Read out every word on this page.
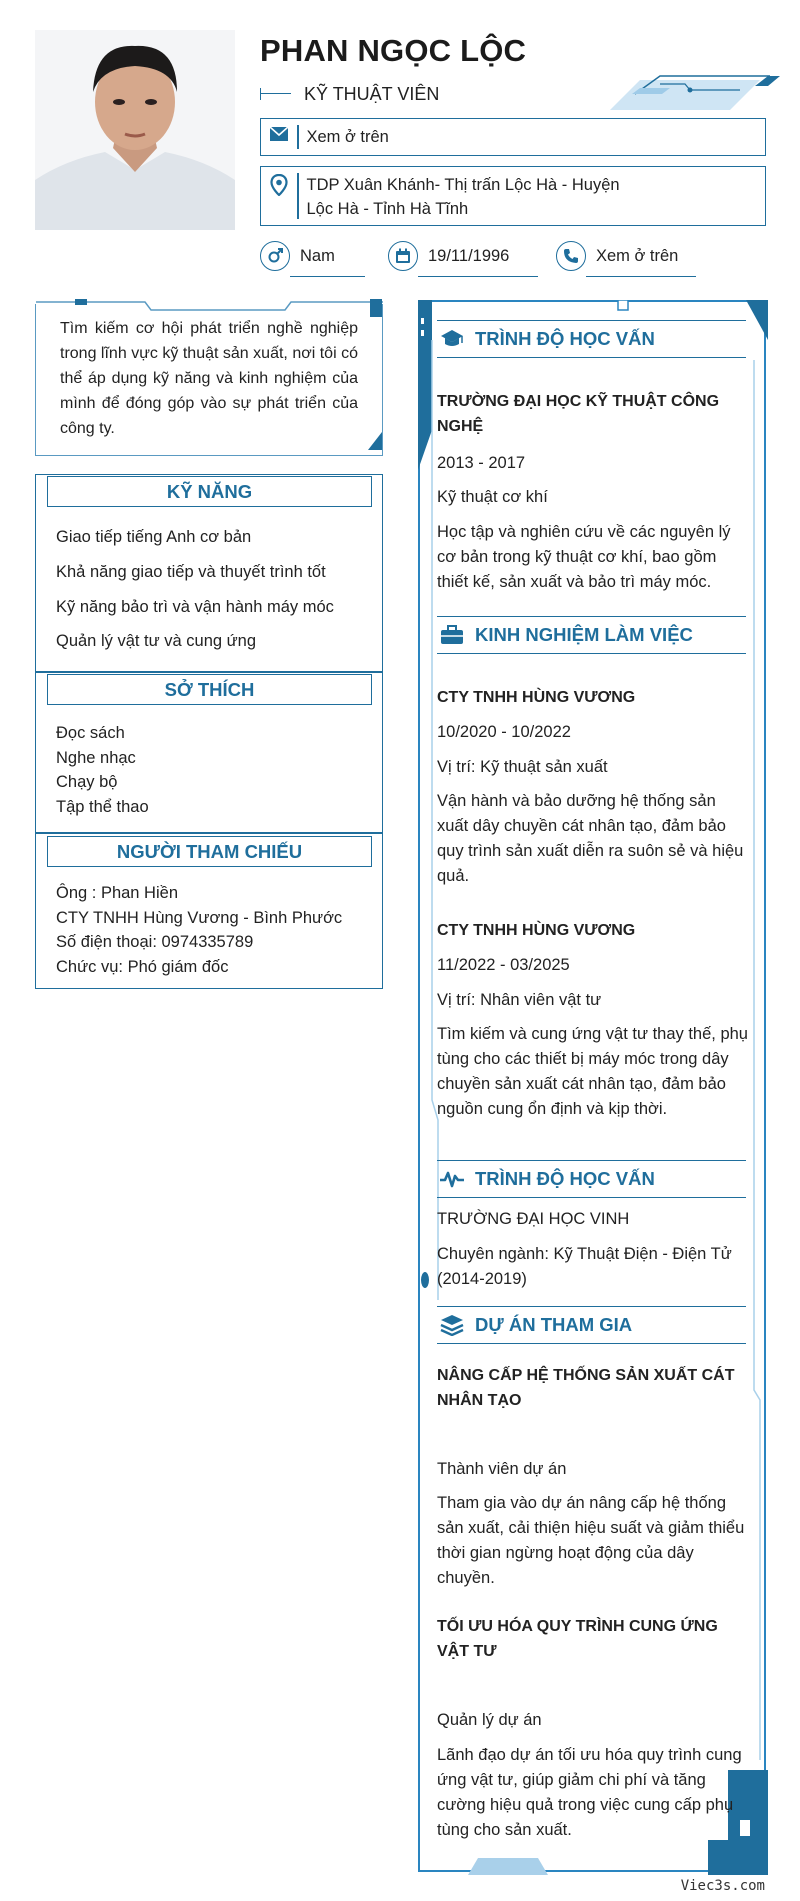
PHAN NGỌC LỘC
KỸ THUẬT VIÊN
Xem ở trên
TDP Xuân Khánh- Thị trấn Lộc Hà - Huyện
Lộc Hà - Tỉnh Hà Tĩnh
Nam	19/11/1996	Xem ở trên
Tìm kiếm cơ hội phát triển nghề nghiệp trong lĩnh vực kỹ thuật sản xuất, nơi tôi có thể áp dụng kỹ năng và kinh nghiệm của mình để đóng góp vào sự phát triển của công ty.
KỸ NĂNG
Giao tiếp tiếng Anh cơ bản
Khả năng giao tiếp và thuyết trình tốt
Kỹ năng bảo trì và vận hành máy móc
Quản lý vật tư và cung ứng
SỞ THÍCH
Đọc sách
Nghe nhạc
Chạy bộ
Tập thể thao
NGƯỜI THAM CHIẾU
Ông : Phan Hiền
CTY TNHH Hùng Vương - Bình Phước
Số điện thoại: 0974335789
Chức vụ: Phó giám đốc
TRÌNH ĐỘ HỌC VẤN
TRƯỜNG ĐẠI HỌC KỸ THUẬT CÔNG NGHỆ
2013 - 2017
Kỹ thuật cơ khí
Học tập và nghiên cứu về các nguyên lý cơ bản trong kỹ thuật cơ khí, bao gồm thiết kế, sản xuất và bảo trì máy móc.
KINH NGHIỆM LÀM VIỆC
CTY TNHH HÙNG VƯƠNG
10/2020 - 10/2022
Vị trí: Kỹ thuật sản xuất
Vận hành và bảo dưỡng hệ thống sản xuất dây chuyền cát nhân tạo, đảm bảo quy trình sản xuất diễn ra suôn sẻ và hiệu quả.
CTY TNHH HÙNG VƯƠNG
11/2022 - 03/2025
Vị trí: Nhân viên vật tư
Tìm kiếm và cung ứng vật tư thay thế, phụ tùng cho các thiết bị máy móc trong dây chuyền sản xuất cát nhân tạo, đảm bảo nguồn cung ổn định và kịp thời.
TRÌNH ĐỘ HỌC VẤN
TRƯỜNG ĐẠI HỌC VINH
Chuyên ngành: Kỹ Thuật Điện - Điện Tử (2014-2019)
DỰ ÁN THAM GIA
NÂNG CẤP HỆ THỐNG SẢN XUẤT CÁT NHÂN TẠO
Thành viên dự án
Tham gia vào dự án nâng cấp hệ thống sản xuất, cải thiện hiệu suất và giảm thiểu thời gian ngừng hoạt động của dây chuyền.
TỐI ƯU HÓA QUY TRÌNH CUNG ỨNG VẬT TƯ
Quản lý dự án
Lãnh đạo dự án tối ưu hóa quy trình cung ứng vật tư, giúp giảm chi phí và tăng cường hiệu quả trong việc cung cấp phụ tùng cho sản xuất.
Viec3s.com
